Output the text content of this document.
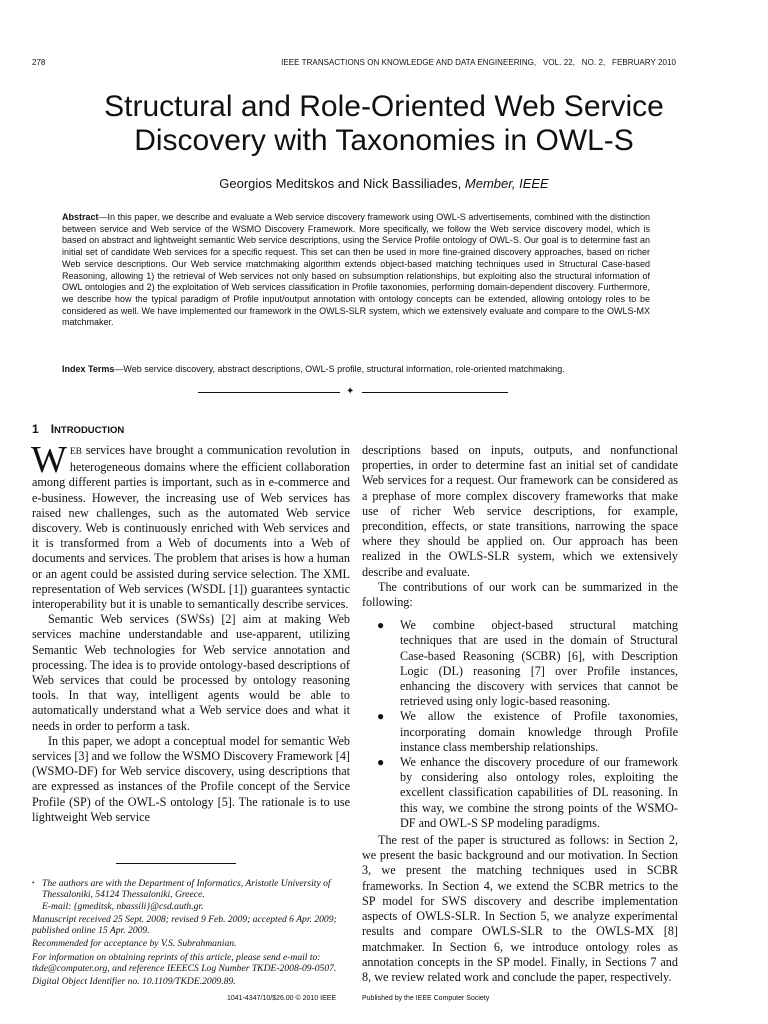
278	IEEE TRANSACTIONS ON KNOWLEDGE AND DATA ENGINEERING,   VOL. 22,   NO. 2,   FEBRUARY 2010
Structural and Role-Oriented Web Service
Discovery with Taxonomies in OWL-S
Georgios Meditskos and Nick Bassiliades, Member, IEEE
Abstract—In this paper, we describe and evaluate a Web service discovery framework using OWL-S advertisements, combined with the distinction between service and Web service of the WSMO Discovery Framework. More specifically, we follow the Web service discovery model, which is based on abstract and lightweight semantic Web service descriptions, using the Service Profile ontology of OWL-S. Our goal is to determine fast an initial set of candidate Web services for a specific request. This set can then be used in more fine-grained discovery approaches, based on richer Web service descriptions. Our Web service matchmaking algorithm extends object-based matching techniques used in Structural Case-based Reasoning, allowing 1) the retrieval of Web services not only based on subsumption relationships, but exploiting also the structural information of OWL ontologies and 2) the exploitation of Web services classification in Profile taxonomies, performing domain-dependent discovery. Furthermore, we describe how the typical paradigm of Profile input/output annotation with ontology concepts can be extended, allowing ontology roles to be considered as well. We have implemented our framework in the OWLS-SLR system, which we extensively evaluate and compare to the OWLS-MX matchmaker.
Index Terms—Web service discovery, abstract descriptions, OWL-S profile, structural information, role-oriented matchmaking.
✦
1 INTRODUCTION

WEB services have brought a communication revolution in heterogeneous domains where the efficient collaboration among different parties is important, such as in e-commerce and e-business. However, the increasing use of Web services has raised new challenges, such as the automated Web service discovery. Web is continuously enriched with Web services and it is transformed from a Web of documents into a Web of documents and services. The problem that arises is how a human or an agent could be assisted during service selection. The XML representation of Web services (WSDL [1]) guarantees syntactic interoperability but it is unable to semantically describe services.

Semantic Web services (SWSs) [2] aim at making Web services machine understandable and use-apparent, utilizing Semantic Web technologies for Web service annotation and processing. The idea is to provide ontology-based descriptions of Web services that could be processed by ontology reasoning tools. In that way, intelligent agents would be able to automatically understand what a Web service does and what it needs in order to perform a task.

In this paper, we adopt a conceptual model for semantic Web services [3] and we follow the WSMO Discovery Framework [4] (WSMO-DF) for Web service discovery, using descriptions that are expressed as instances of the Profile concept of the Service Profile (SP) of the OWL-S ontology [5]. The rationale is to use lightweight Web service

descriptions based on inputs, outputs, and nonfunctional properties, in order to determine fast an initial set of candidate Web services for a request. Our framework can be considered as a prephase of more complex discovery frameworks that make use of richer Web service descriptions, for example, precondition, effects, or state transitions, narrowing the space where they should be applied on. Our approach has been realized in the OWLS-SLR system, which we extensively describe and evaluate.

The contributions of our work can be summarized in the following:

● We combine object-based structural matching techniques that are used in the domain of Structural Case-based Reasoning (SCBR) [6], with Description Logic (DL) reasoning [7] over Profile instances, enhancing the discovery with services that cannot be retrieved using only logic-based reasoning.
● We allow the existence of Profile taxonomies, incorporating domain knowledge through Profile instance class membership relationships.
● We enhance the discovery procedure of our framework by considering also ontology roles, exploiting the excellent classification capabilities of DL reasoning. In this way, we combine the strong points of the WSMO-DF and OWL-S SP modeling paradigms.

The rest of the paper is structured as follows: in Section 2, we present the basic background and our motivation. In Section 3, we present the matching techniques used in SCBR frameworks. In Section 4, we extend the SCBR metrics to the SP model for SWS discovery and describe implementation aspects of OWLS-SLR. In Section 5, we analyze experimental results and compare OWLS-SLR to the OWLS-MX [8] matchmaker. In Section 6, we introduce ontology roles as annotation concepts in the SP model. Finally, in Sections 7 and 8, we review related work and conclude the paper, respectively.

• The authors are with the Department of Informatics, Aristotle University of
Thessaloniki, 54124 Thessaloniki, Greece.
E-mail: {gmeditsk, nbassili}@csd.auth.gr.

Manuscript received 25 Sept. 2008; revised 9 Feb. 2009; accepted 6 Apr. 2009; published online 15 Apr. 2009.

Recommended for acceptance by V.S. Subrahmanian.

For information on obtaining reprints of this article, please send e-mail to: tkde@computer.org, and reference IEEECS Log Number TKDE-2008-09-0507.

Digital Object Identifier no. 10.1109/TKDE.2009.89.

1041-4347/10/$26.00 © 2010 IEEE	Published by the IEEE Computer Society
